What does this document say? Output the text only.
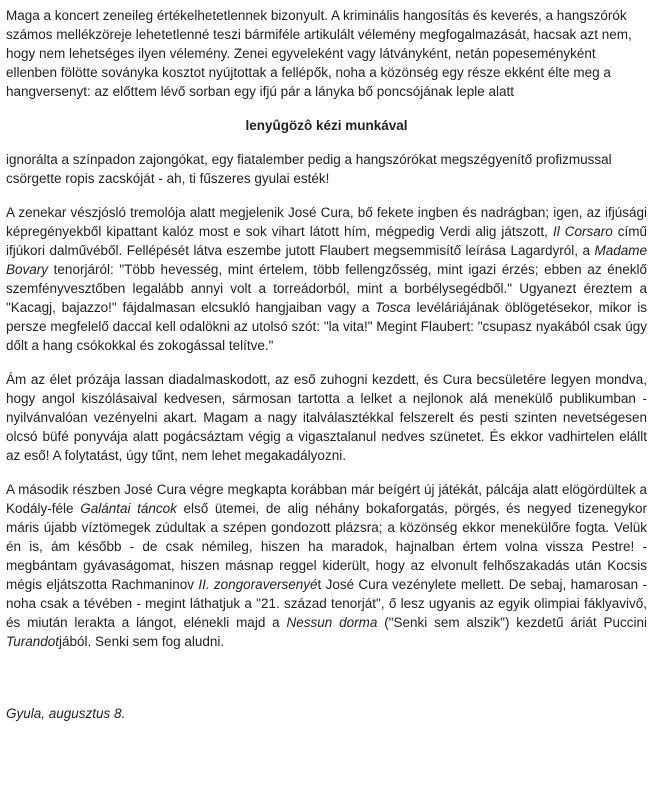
Maga a koncert zeneileg értékelhetetlennek bizonyult. A kriminális hangosítás és keverés, a hangszórók számos mellékzöreje lehetetlenné teszi bármiféle artikulált vélemény megfogalmazását, hacsak azt nem, hogy nem lehetséges ilyen vélemény. Zenei egyveleként vagy látványként, netán popeseményként ellenben fölötte soványka kosztot nyújtottak a fellépők, noha a közönség egy része ekként élte meg a hangversenyt: az előttem lévő sorban egy ifjú pár a lánykа bő poncsójának leple alatt

lenyûgözô kézi munkával

ignorálta a színpadon zajongókat, egy fiatalember pedig a hangszórókat megszégyenítő profizmussal csörgette ropis zacskóját - ah, ti fűszeres gyulai esték!

A zenekar vészjósló tremolója alatt megjelenik José Cura, bő fekete ingben és nadrágban; igen, az ifjúsági képregényekből kipattant kalóz most e sok vihart látott hím, mégpedig Verdi alig játszott, Il Corsaro című ifjúkori dalművéből. Fellépését látva eszembe jutott Flaubert megsemmisítő leírása Lagardyról, a Madame Bovary tenorjáról: "Több hevesség, mint értelem, több fellengzősség, mint igazi érzés; ebben az énekl​ő szemfényvesztőben legalább annyi volt a torreádorból, mint a borbélysegédből." Ugyanezt éreztem a "Kacagj, bajazzo!" fájdalmasan elcsukló hangjaiban vagy a Tosca levéláriájának öblögetésekor, mikor is persze megfelelő daccal kell odalökni az utolsó szót: "la vita!" Megint Flaubert: "csupasz nyakából csak úgy dőlt a hang csókokkal és zokogással telítve."

Ám az élet prózája lassan diadalmaskodott, az eső zuhogni kezdett, és Cura becsületére legyen mondva, hogy angol kiszólásaival kedvesen, sármosan tartotta a lelket a nejlonok alá menekülő publikumban - nyilvánvalóan vezényelni akart. Magam a nagy italválasztékkal felszerelt és pesti szinten nevetségesen olcsó büfé ponyvája alatt pogácsáztam végig a vigasztalanul nedves szünetet. És ekkor vadhirtelen elállt az eső! A folytatást, úgy tűnt, nem lehet megakadályozni.

A második részben José Cura végre megkapta korábban már beígért új játékát, pálcája alatt elögördültek a Kodály-féle Galántai táncok első ütemei, de alig néhány bokaforgatás, pörgés, és negyed tizenegykor máris újabb víztömegek zúdultak a szépen gondozott plázsra; a közönség ekkor menekülőre fogta. Velük én is, ám később - de csak némileg, hiszen ha maradok, hajnalban értem volna vissza Pestre! - megbántam gyávaságomat, hiszen másnap reggel kiderült, hogy az elvonult felhőszakadás után Kocsis mégis eljátszotta Rachmaninov II. zongoraversenyét José Cura vezénylete mellett. De sebaj, hamarosan - noha csak a tévében - megint láthatjuk a "21. század tenorját", ő lesz ugyanis az egyik olimpiai fáklyavivő, és miután lerakta a lángot, elénekli majd a Nessun dorma ("Senki sem alszik") kezdetű áriát Puccini Turandotjából. Senki sem fog aludni.

Gyula, augusztus 8.
